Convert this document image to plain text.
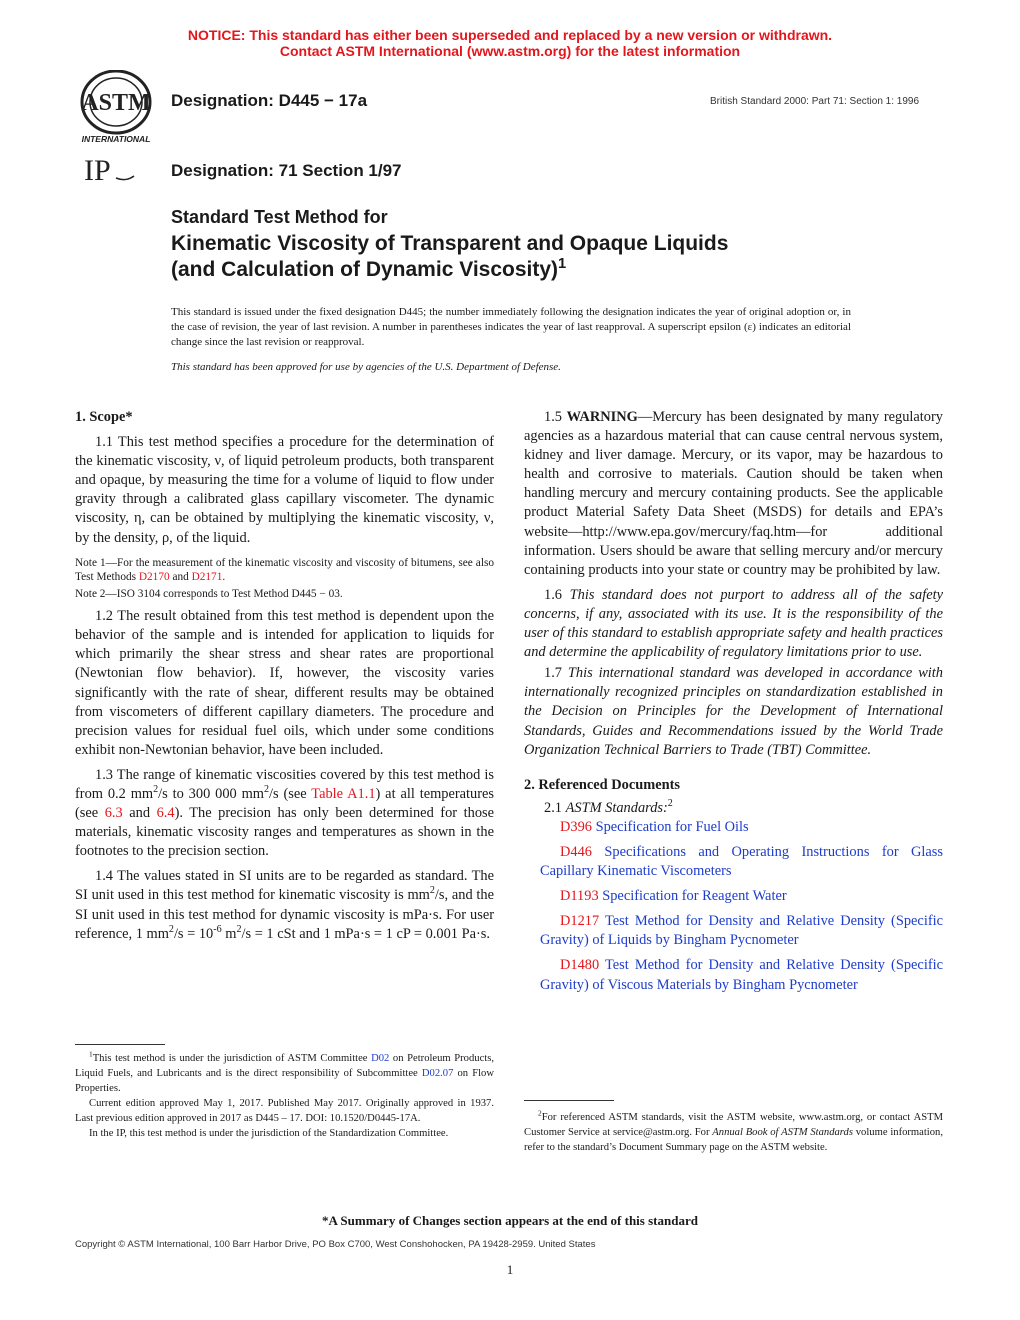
NOTICE: This standard has either been superseded and replaced by a new version or withdrawn.
Contact ASTM International (www.astm.org) for the latest information
ASTM
INTERNATIONAL
Designation: D445 − 17a	British Standard 2000: Part 71: Section 1: 1996
IP	Designation: 71 Section 1/97
Standard Test Method for
Kinematic Viscosity of Transparent and Opaque Liquids
(and Calculation of Dynamic Viscosity)$^1$
This standard is issued under the fixed designation D445; the number immediately following the designation indicates the year of original adoption or, in the case of revision, the year of last revision. A number in parentheses indicates the year of last reapproval. A superscript epsilon (ε) indicates an editorial change since the last revision or reapproval.
This standard has been approved for use by agencies of the U.S. Department of Defense.

1. Scope*

1.1 This test method specifies a procedure for the determination of the kinematic viscosity, ν, of liquid petroleum products, both transparent and opaque, by measuring the time for a volume of liquid to flow under gravity through a calibrated glass capillary viscometer. The dynamic viscosity, η, can be obtained by multiplying the kinematic viscosity, ν, by the density, ρ, of the liquid.

Note 1—For the measurement of the kinematic viscosity and viscosity of bitumens, see also Test Methods D2170 and D2171.

Note 2—ISO 3104 corresponds to Test Method D445 − 03.

1.2 The result obtained from this test method is dependent upon the behavior of the sample and is intended for application to liquids for which primarily the shear stress and shear rates are proportional (Newtonian flow behavior). If, however, the viscosity varies significantly with the rate of shear, different results may be obtained from viscometers of different capillary diameters. The procedure and precision values for residual fuel oils, which under some conditions exhibit non-Newtonian behavior, have been included.

1.3 The range of kinematic viscosities covered by this test method is from 0.2 $mm^2/s$ to 300 000 $mm^2/s$ (see Table A1.1) at all temperatures (see 6.3 and 6.4). The precision has only been determined for those materials, kinematic viscosity ranges and temperatures as shown in the footnotes to the precision section.

1.4 The values stated in SI units are to be regarded as standard. The SI unit used in this test method for kinematic viscosity is $mm^2/s$, and the SI unit used in this test method for dynamic viscosity is mPa·s. For user reference, 1 $mm^2/s = 10^{-6}$ $m^2/s = 1$ cSt and 1 mPa·s = 1 cP = 0.001 Pa·s.

$^1$This test method is under the jurisdiction of ASTM Committee D02 on Petroleum Products, Liquid Fuels, and Lubricants and is the direct responsibility of Subcommittee D02.07 on Flow Properties.

Current edition approved May 1, 2017. Published May 2017. Originally approved in 1937. Last previous edition approved in 2017 as D445 – 17. DOI: 10.1520/D0445-17A.

In the IP, this test method is under the jurisdiction of the Standardization Committee.

1.5 WARNING—Mercury has been designated by many regulatory agencies as a hazardous material that can cause central nervous system, kidney and liver damage. Mercury, or its vapor, may be hazardous to health and corrosive to materials. Caution should be taken when handling mercury and mercury containing products. See the applicable product Material Safety Data Sheet (MSDS) for details and EPA’s website—http://www.epa.gov/mercury/faq.htm—for additional information. Users should be aware that selling mercury and/or mercury containing products into your state or country may be prohibited by law.

1.6 This standard does not purport to address all of the safety concerns, if any, associated with its use. It is the responsibility of the user of this standard to establish appropriate safety and health practices and determine the applicability of regulatory limitations prior to use.

1.7 This international standard was developed in accordance with internationally recognized principles on standardization established in the Decision on Principles for the Development of International Standards, Guides and Recommendations issued by the World Trade Organization Technical Barriers to Trade (TBT) Committee.

2. Referenced Documents

2.1 ASTM Standards:$^2$

D396 Specification for Fuel Oils

D446 Specifications and Operating Instructions for Glass Capillary Kinematic Viscometers

D1193 Specification for Reagent Water

D1217 Test Method for Density and Relative Density (Specific Gravity) of Liquids by Bingham Pycnometer

D1480 Test Method for Density and Relative Density (Specific Gravity) of Viscous Materials by Bingham Pycnometer

$^2$For referenced ASTM standards, visit the ASTM website, www.astm.org, or contact ASTM Customer Service at service@astm.org. For Annual Book of ASTM Standards volume information, refer to the standard’s Document Summary page on the ASTM website.

*A Summary of Changes section appears at the end of this standard
Copyright © ASTM International, 100 Barr Harbor Drive, PO Box C700, West Conshohocken, PA 19428-2959. United States
1
